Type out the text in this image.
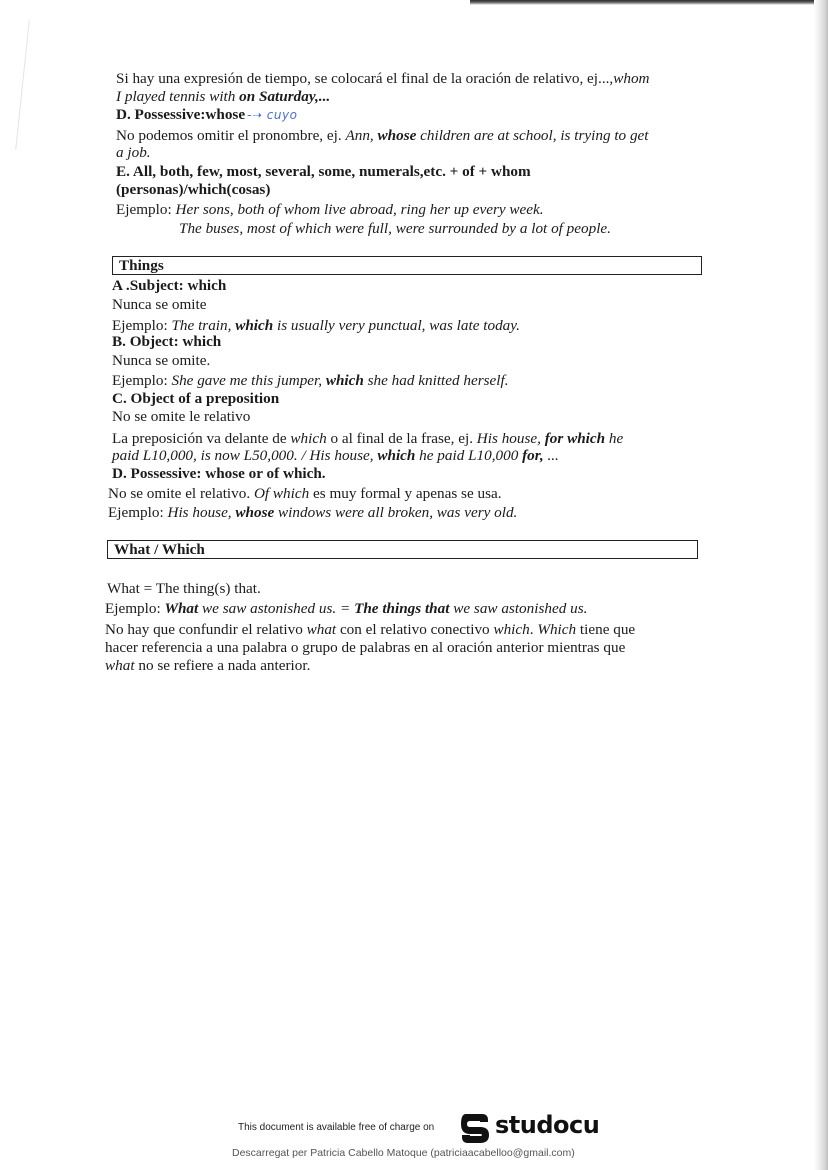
Si hay una expresión de tiempo, se colocará el final de la oración de relativo, ej...,whom
I played tennis with on Saturday,...
D. Possessive:whose -➝ cuyo
No podemos omitir el pronombre, ej. Ann, whose children are at school, is trying to get
a job.
E. All, both, few, most, several, some, numerals,etc. + of + whom
(personas)/which(cosas)
Ejemplo: Her sons, both of whom live abroad, ring her up every week.
The buses, most of which were full, were surrounded by a lot of people.
Things
A .Subject: which
Nunca se omite
Ejemplo: The train, which is usually very punctual, was late today.
B. Object: which
Nunca se omite.
Ejemplo: She gave me this jumper, which she had knitted herself.
C. Object of a preposition
No se omite le relativo
La preposición va delante de which o al final de la frase, ej. His house, for which he
paid L10,000, is now L50,000. / His house, which he paid L10,000 for, ...
D. Possessive: whose or of which.
No se omite el relativo. Of which es muy formal y apenas se usa.
Ejemplo: His house, whose windows were all broken, was very old.
What / Which
What = The thing(s) that.
Ejemplo: What we saw astonished us. = The things that we saw astonished us.
No hay que confundir el relativo what con el relativo conectivo which. Which tiene que
hacer referencia a una palabra o grupo de palabras en al oración anterior mientras que
what no se refiere a nada anterior.
This document is available free of charge on	studocu
Descarregat per Patricia Cabello Matoque (patriciaacabelloo@gmail.com)
